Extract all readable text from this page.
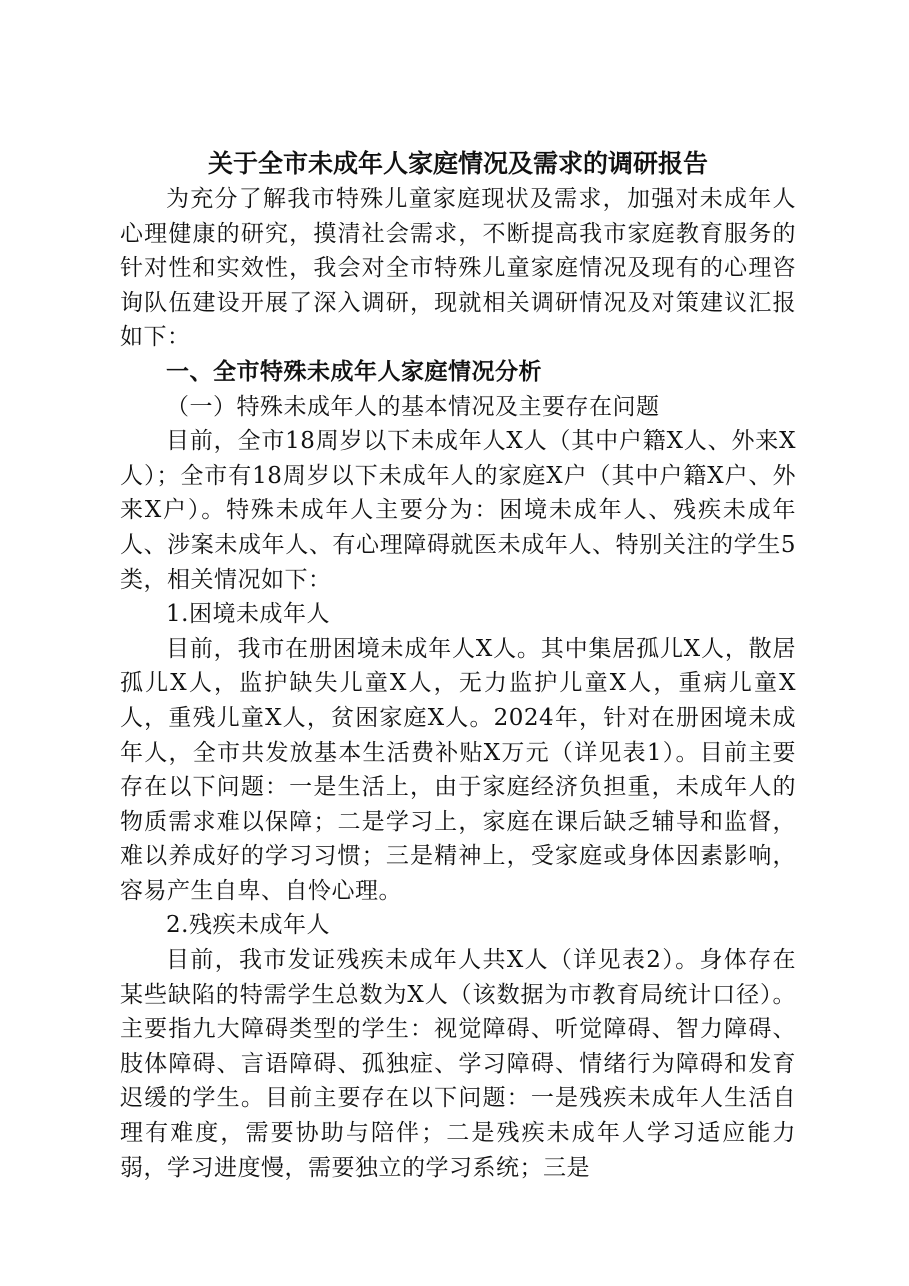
关于全市未成年人家庭情况及需求的调研报告

为充分了解我市特殊儿童家庭现状及需求，加强对未成年人心理健康的研究，摸清社会需求，不断提高我市家庭教育服务的针对性和实效性，我会对全市特殊儿童家庭情况及现有的心理咨询队伍建设开展了深入调研，现就相关调研情况及对策建议汇报如下：

一、全市特殊未成年人家庭情况分析

（一）特殊未成年人的基本情况及主要存在问题

目前，全市18周岁以下未成年人X人（其中户籍X人、外来X人）；全市有18周岁以下未成年人的家庭X户（其中户籍X户、外来X户）。特殊未成年人主要分为：困境未成年人、残疾未成年人、涉案未成年人、有心理障碍就医未成年人、特别关注的学生5类，相关情况如下：

1.困境未成年人

目前，我市在册困境未成年人X人。其中集居孤儿X人，散居孤儿X人，监护缺失儿童X人，无力监护儿童X人，重病儿童X人，重残儿童X人，贫困家庭X人。2024年，针对在册困境未成年人，全市共发放基本生活费补贴X万元（详见表1）。目前主要存在以下问题：一是生活上，由于家庭经济负担重，未成年人的物质需求难以保障；二是学习上，家庭在课后缺乏辅导和监督，难以养成好的学习习惯；三是精神上，受家庭或身体因素影响，容易产生自卑、自怜心理。

2.残疾未成年人

目前，我市发证残疾未成年人共X人（详见表2）。身体存在某些缺陷的特需学生总数为X人（该数据为市教育局统计口径）。主要指九大障碍类型的学生：视觉障碍、听觉障碍、智力障碍、肢体障碍、言语障碍、孤独症、学习障碍、情绪行为障碍和发育迟缓的学生。目前主要存在以下问题：一是残疾未成年人生活自理有难度，需要协助与陪伴；二是残疾未成年人学习适应能力弱，学习进度慢，需要独立的学习系统；三是
